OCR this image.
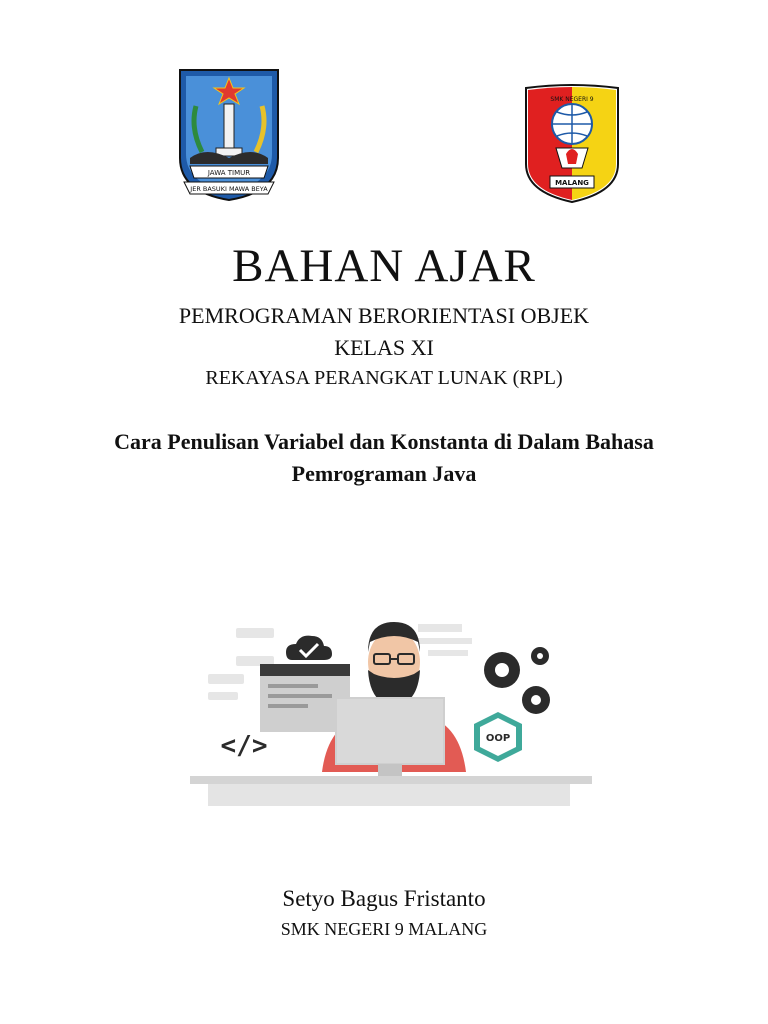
JAWA TIMUR
JER BASUKI MAWA BEYA
SMK NEGERI 9
MALANG
BAHAN AJAR
PEMROGRAMAN BERORIENTASI OBJEK
KELAS XI
REKAYASA PERANGKAT LUNAK (RPL)
Cara Penulisan Variabel dan Konstanta di Dalam Bahasa Pemrograman Java
</>	OOP
Setyo Bagus Fristanto
SMK NEGERI 9 MALANG
